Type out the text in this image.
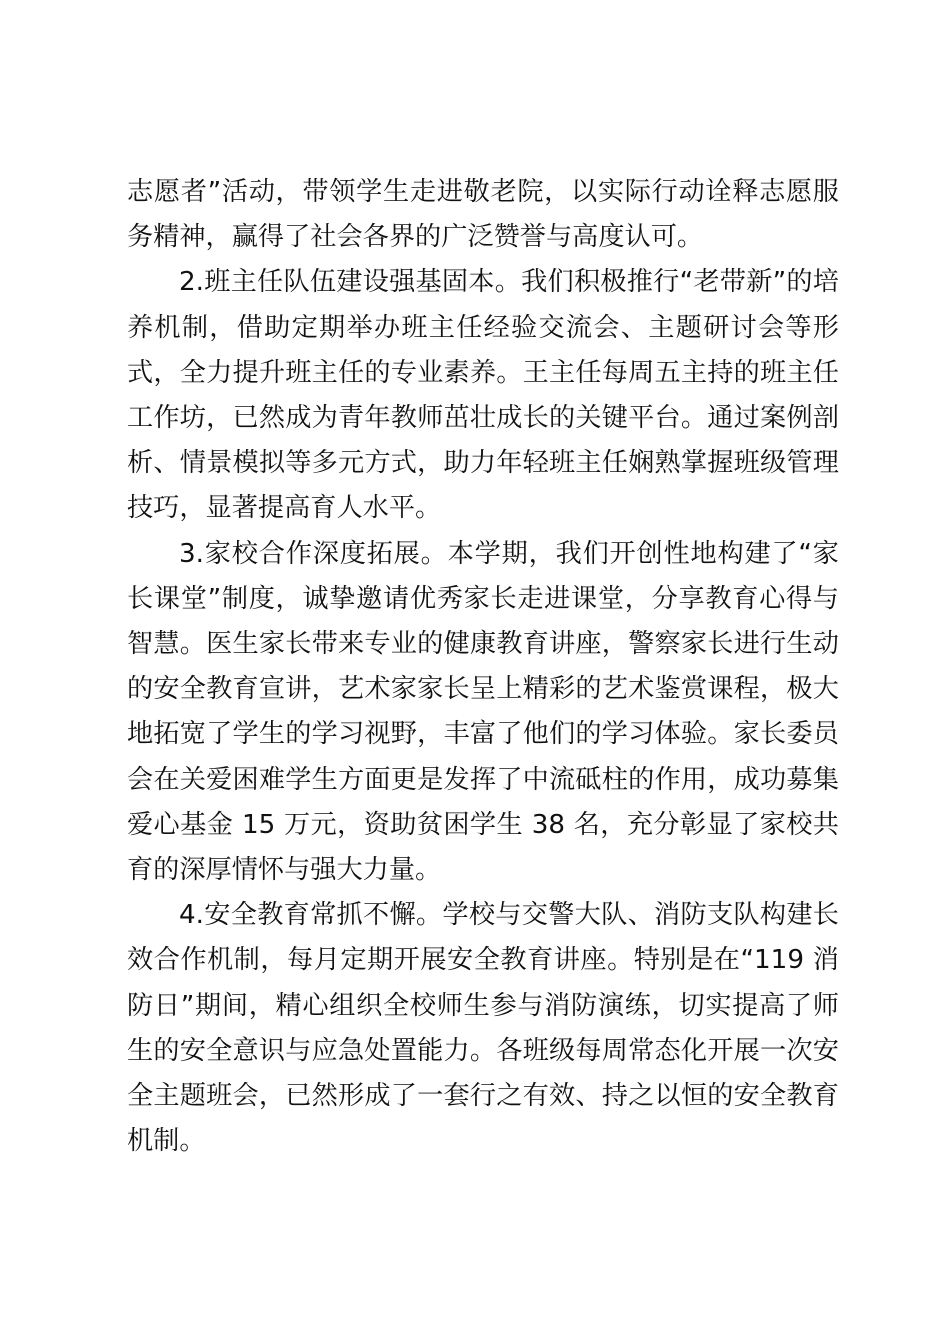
志愿者”活动，带领学生走进敬老院，以实际行动诠释志愿服务精神，赢得了社会各界的广泛赞誉与高度认可。

2.班主任队伍建设强基固本。我们积极推行“老带新”的培养机制，借助定期举办班主任经验交流会、主题研讨会等形式，全力提升班主任的专业素养。王主任每周五主持的班主任工作坊，已然成为青年教师茁壮成长的关键平台。通过案例剖析、情景模拟等多元方式，助力年轻班主任娴熟掌握班级管理技巧，显著提高育人水平。

3.家校合作深度拓展。本学期，我们开创性地构建了“家长课堂”制度，诚挚邀请优秀家长走进课堂，分享教育心得与智慧。医生家长带来专业的健康教育讲座，警察家长进行生动的安全教育宣讲，艺术家家长呈上精彩的艺术鉴赏课程，极大地拓宽了学生的学习视野，丰富了他们的学习体验。家长委员会在关爱困难学生方面更是发挥了中流砥柱的作用，成功募集爱心基金 15 万元，资助贫困学生 38 名，充分彰显了家校共育的深厚情怀与强大力量。

4.安全教育常抓不懈。学校与交警大队、消防支队构建长效合作机制，每月定期开展安全教育讲座。特别是在“119 消防日”期间，精心组织全校师生参与消防演练，切实提高了师生的安全意识与应急处置能力。各班级每周常态化开展一次安全主题班会，已然形成了一套行之有效、持之以恒的安全教育机制。
